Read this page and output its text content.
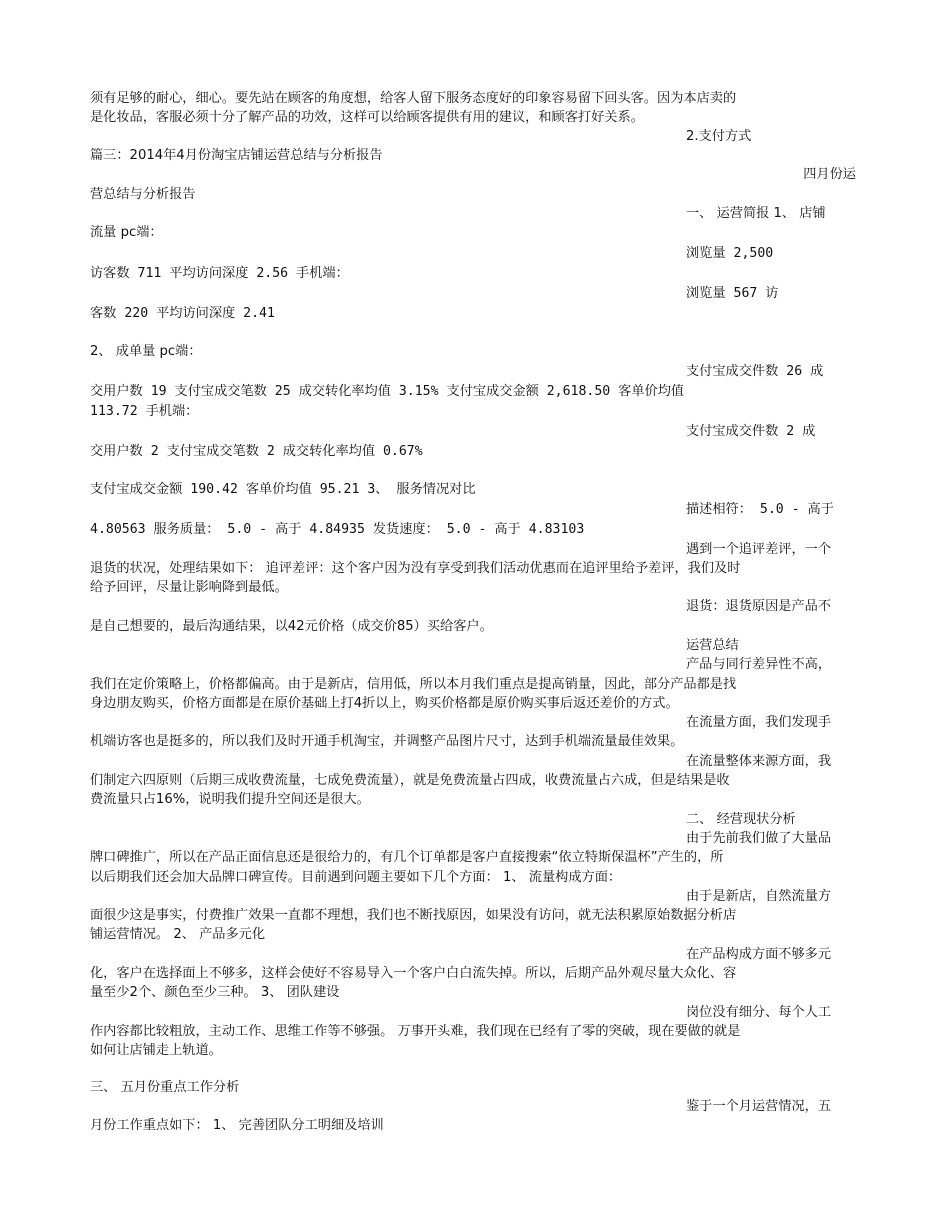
须有足够的耐心，细心。要先站在顾客的角度想，给客人留下服务态度好的印象容易留下回头客。因为本店卖的
是化妆品，客服必须十分了解产品的功效，这样可以给顾客提供有用的建议，和顾客打好关系。
2.支付方式
篇三：2014年4月份淘宝店铺运营总结与分析报告
四月份运
营总结与分析报告
一、 运营简报 1、 店铺
流量 pc端：
浏览量 2,500
访客数 711 平均访问深度 2.56 手机端：
浏览量 567 访
客数 220 平均访问深度 2.41
2、 成单量 pc端：
支付宝成交件数 26 成
交用户数 19 支付宝成交笔数 25 成交转化率均值 3.15% 支付宝成交金额 2,618.50 客单价均值
113.72 手机端：
支付宝成交件数 2 成
交用户数 2 支付宝成交笔数 2 成交转化率均值 0.67%
支付宝成交金额 190.42 客单价均值 95.21 3、 服务情况对比
描述相符： 5.0 - 高于
4.80563 服务质量： 5.0 - 高于 4.84935 发货速度： 5.0 - 高于 4.83103
遇到一个追评差评，一个
退货的状况，处理结果如下： 追评差评：这个客户因为没有享受到我们活动优惠而在追评里给予差评，我们及时
给予回评，尽量让影响降到最低。
退货：退货原因是产品不
是自己想要的，最后沟通结果，以42元价格（成交价85）买给客户。
运营总结
产品与同行差异性不高，
我们在定价策略上，价格都偏高。由于是新店，信用低，所以本月我们重点是提高销量，因此，部分产品都是找
身边朋友购买，价格方面都是在原价基础上打4折以上，购买价格都是原价购买事后返还差价的方式。
在流量方面，我们发现手
机端访客也是挺多的，所以我们及时开通手机淘宝，并调整产品图片尺寸，达到手机端流量最佳效果。
在流量整体来源方面，我
们制定六四原则（后期三成收费流量，七成免费流量），就是免费流量占四成，收费流量占六成，但是结果是收
费流量只占16%，说明我们提升空间还是很大。
二、 经营现状分析
由于先前我们做了大量品
牌口碑推广，所以在产品正面信息还是很给力的，有几个订单都是客户直接搜索“依立特斯保温杯”产生的，所
以后期我们还会加大品牌口碑宣传。目前遇到问题主要如下几个方面： 1、 流量构成方面：
由于是新店，自然流量方
面很少这是事实，付费推广效果一直都不理想，我们也不断找原因，如果没有访问，就无法积累原始数据分析店
铺运营情况。 2、 产品多元化
在产品构成方面不够多元
化，客户在选择面上不够多，这样会使好不容易导入一个客户白白流失掉。所以，后期产品外观尽量大众化、容
量至少2个、颜色至少三种。 3、 团队建设
岗位没有细分、每个人工
作内容都比较粗放，主动工作、思维工作等不够强。 万事开头难，我们现在已经有了零的突破，现在要做的就是
如何让店铺走上轨道。
三、 五月份重点工作分析
鉴于一个月运营情况，五
月份工作重点如下： 1、 完善团队分工明细及培训
